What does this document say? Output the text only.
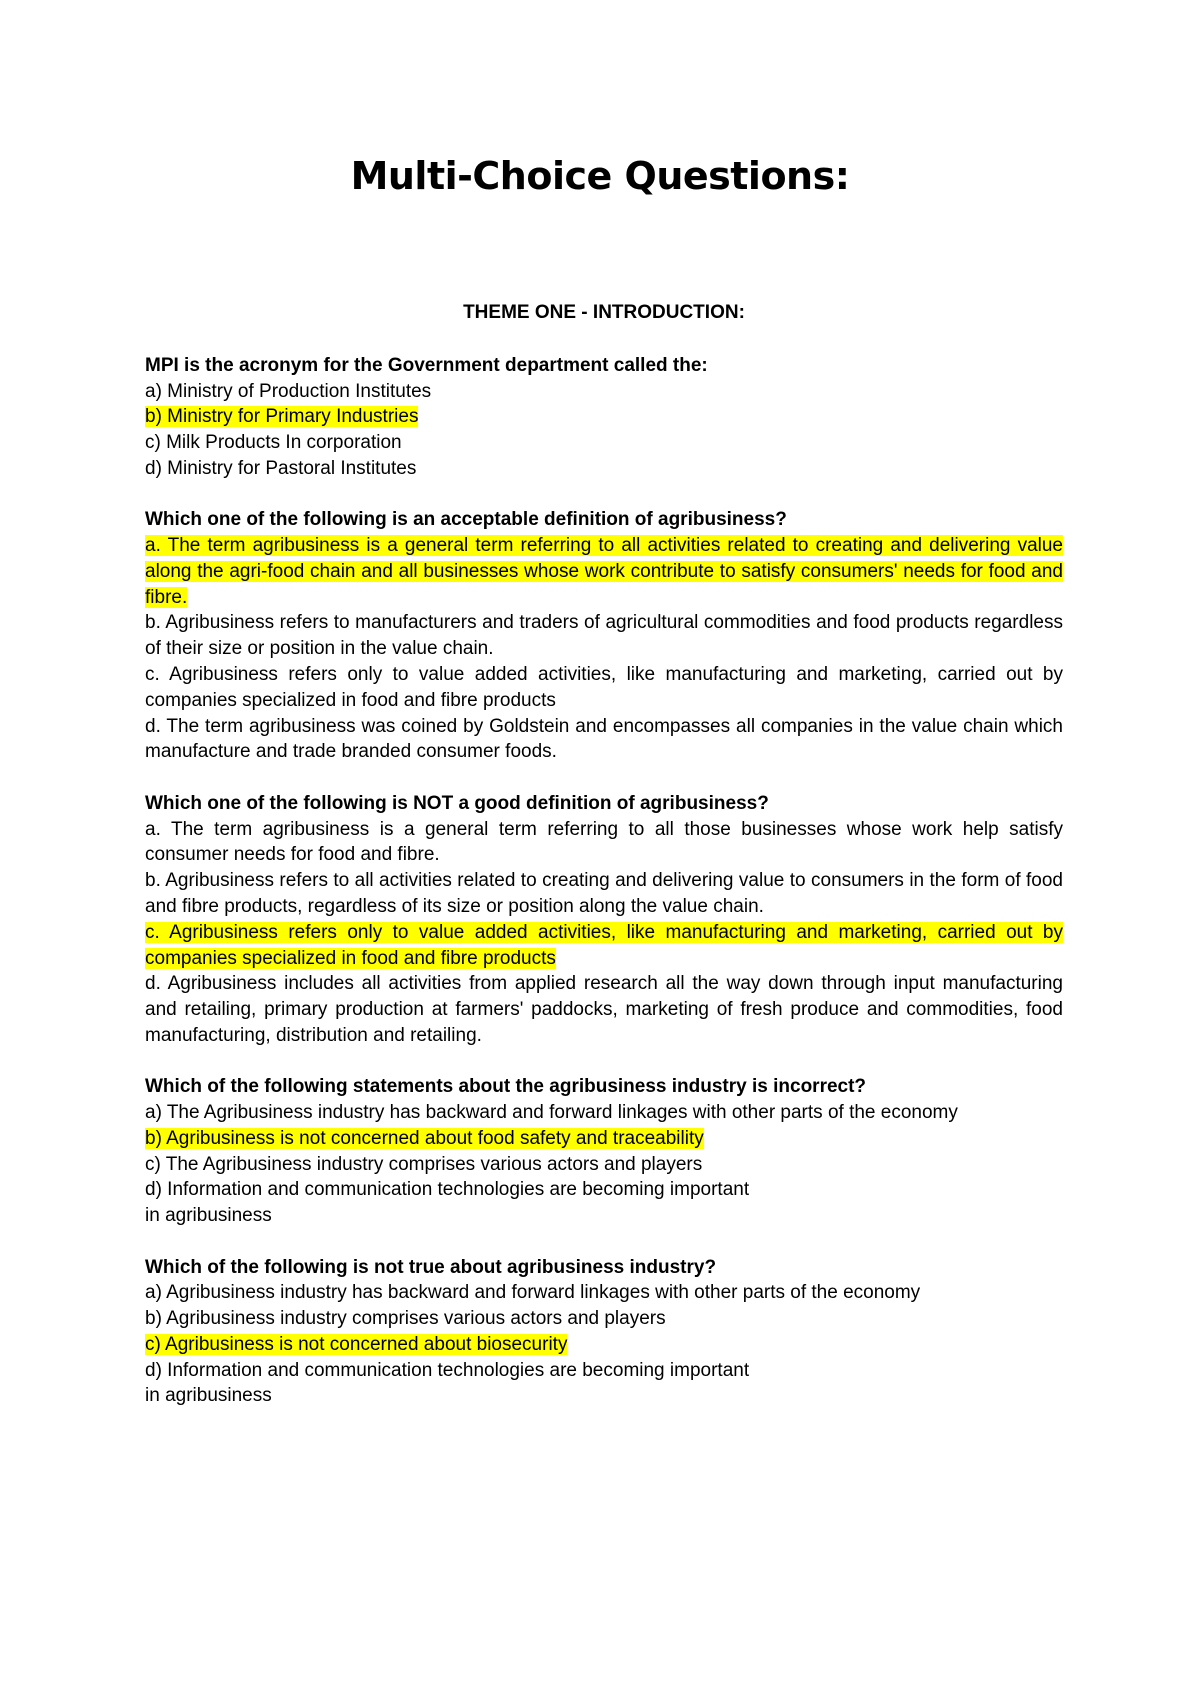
Multi-Choice Questions:

THEME ONE - INTRODUCTION:

MPI is the acronym for the Government department called the:

a) Ministry of Production Institutes

b) Ministry for Primary Industries

c) Milk Products In corporation

d) Ministry for Pastoral Institutes

Which one of the following is an acceptable definition of agribusiness?

a. The term agribusiness is a general term referring to all activities related to creating and delivering value along the agri-food chain and all businesses whose work contribute to satisfy consumers' needs for food and fibre.

b. Agribusiness refers to manufacturers and traders of agricultural commodities and food products regardless of their size or position in the value chain.

c. Agribusiness refers only to value added activities, like manufacturing and marketing, carried out by companies specialized in food and fibre products

d. The term agribusiness was coined by Goldstein and encompasses all companies in the value chain which manufacture and trade branded consumer foods.

Which one of the following is NOT a good definition of agribusiness?

a. The term agribusiness is a general term referring to all those businesses whose work help satisfy consumer needs for food and fibre.

b. Agribusiness refers to all activities related to creating and delivering value to consumers in the form of food and fibre products, regardless of its size or position along the value chain.

c. Agribusiness refers only to value added activities, like manufacturing and marketing, carried out by companies specialized in food and fibre products

d. Agribusiness includes all activities from applied research all the way down through input manufacturing and retailing, primary production at farmers' paddocks, marketing of fresh produce and commodities, food manufacturing, distribution and retailing.

Which of the following statements about the agribusiness industry is incorrect?

a) The Agribusiness industry has backward and forward linkages with other parts of the economy

b) Agribusiness is not concerned about food safety and traceability

c) The Agribusiness industry comprises various actors and players

d) Information and communication technologies are becoming important

in agribusiness

Which of the following is not true about agribusiness industry?

a) Agribusiness industry has backward and forward linkages with other parts of the economy

b) Agribusiness industry comprises various actors and players

c) Agribusiness is not concerned about biosecurity

d) Information and communication technologies are becoming important

in agribusiness
